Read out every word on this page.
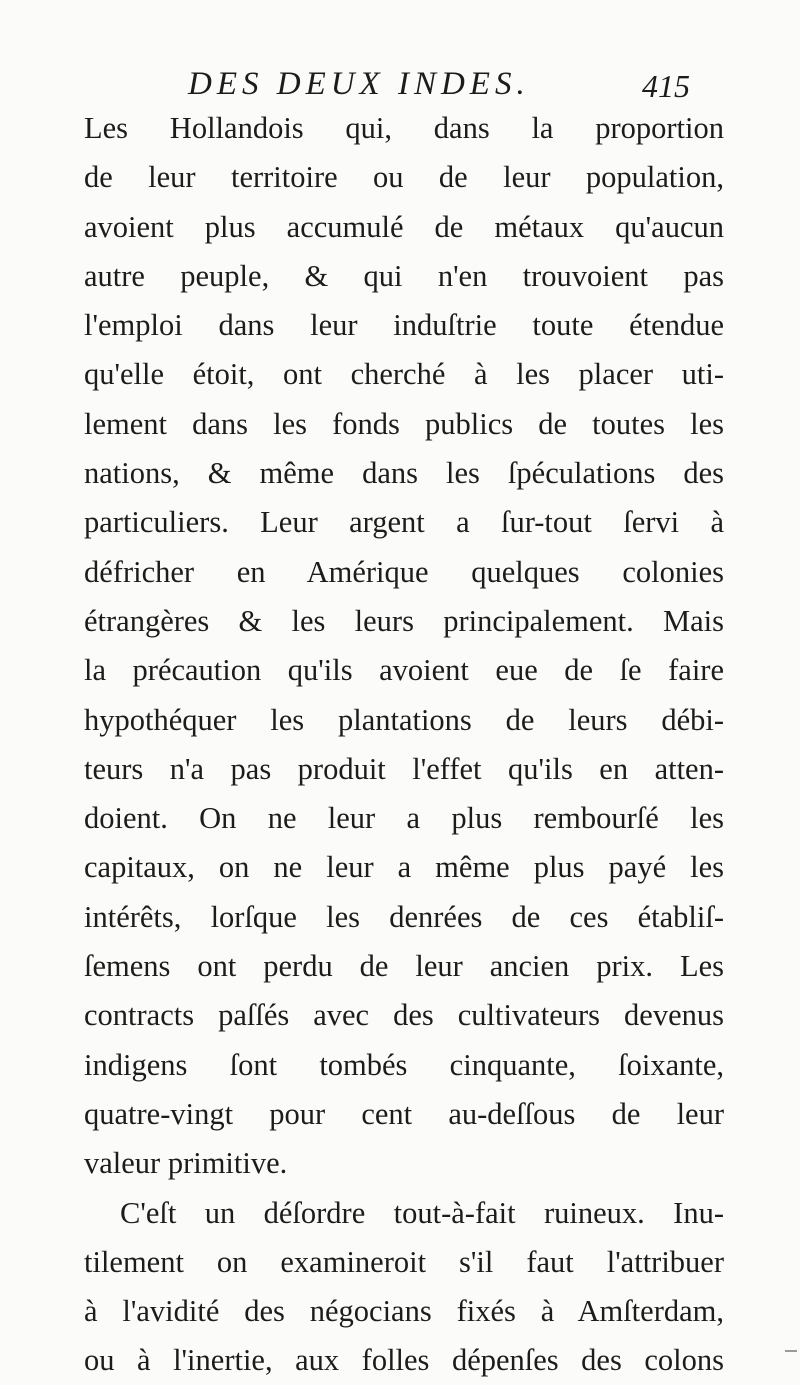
DES DEUX INDES.	415
Les Hollandois qui, dans la proportion
de leur territoire ou de leur population,
avoient plus accumulé de métaux qu'aucun
autre peuple, & qui n'en trouvoient pas
l'emploi dans leur induſtrie toute étendue
qu'elle étoit, ont cherché à les placer uti-
lement dans les fonds publics de toutes les
nations, & même dans les ſpéculations des
particuliers. Leur argent a ſur-tout ſervi à
défricher en Amérique quelques colonies
étrangères & les leurs principalement. Mais
la précaution qu'ils avoient eue de ſe faire
hypothéquer les plantations de leurs débi-
teurs n'a pas produit l'effet qu'ils en atten-
doient. On ne leur a plus rembourſé les
capitaux, on ne leur a même plus payé les
intérêts, lorſque les denrées de ces établiſ-
ſemens ont perdu de leur ancien prix. Les
contracts paſſés avec des cultivateurs devenus
indigens ſont tombés cinquante, ſoixante,
quatre-vingt pour cent au-deſſous de leur
valeur primitive.
C'eſt un déſordre tout-à-fait ruineux. Inu-
tilement on examineroit s'il faut l'attribuer
à l'avidité des négocians fixés à Amſterdam,
ou à l'inertie, aux folles dépenſes des colons
